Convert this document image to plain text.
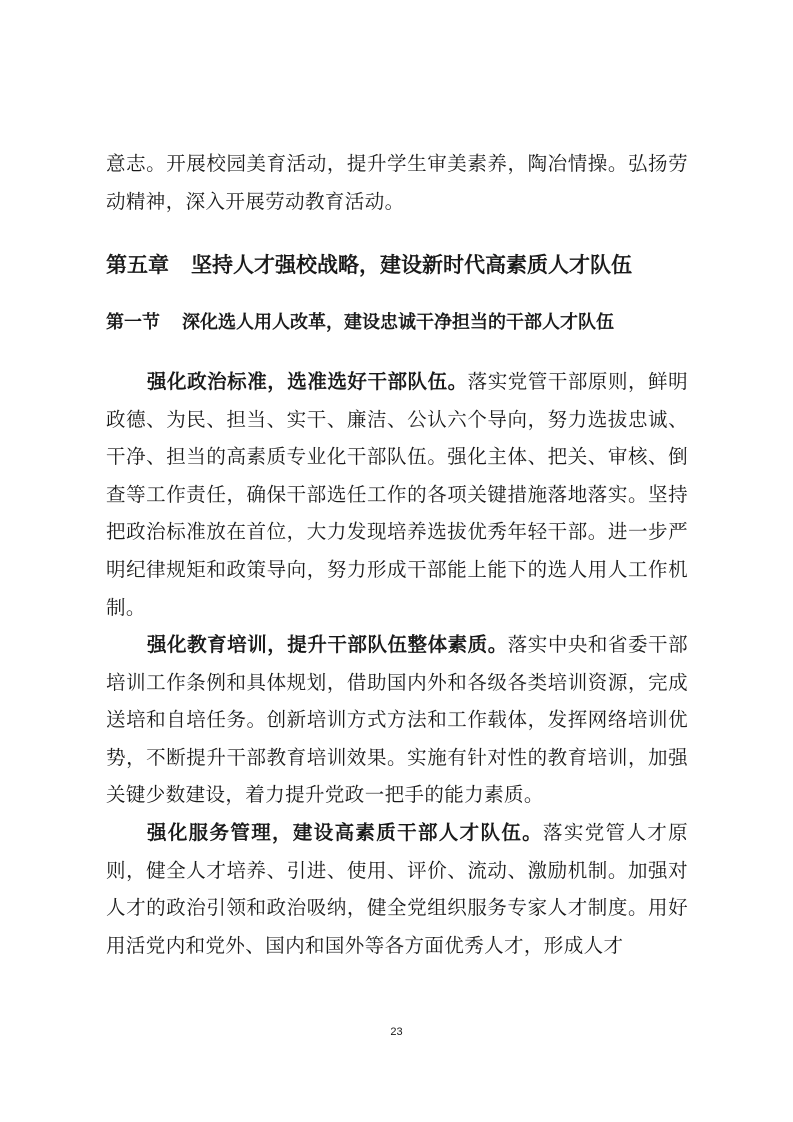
意志。开展校园美育活动，提升学生审美素养，陶冶情操。弘扬劳动精神，深入开展劳动教育活动。

第五章 坚持人才强校战略，建设新时代高素质人才队伍
第一节 深化选人用人改革，建设忠诚干净担当的干部人才队伍

强化政治标准，选准选好干部队伍。落实党管干部原则，鲜明政德、为民、担当、实干、廉洁、公认六个导向，努力选拔忠诚、干净、担当的高素质专业化干部队伍。强化主体、把关、审核、倒查等工作责任，确保干部选任工作的各项关键措施落地落实。坚持把政治标准放在首位，大力发现培养选拔优秀年轻干部。进一步严明纪律规矩和政策导向，努力形成干部能上能下的选人用人工作机制。

强化教育培训，提升干部队伍整体素质。落实中央和省委干部培训工作条例和具体规划，借助国内外和各级各类培训资源，完成送培和自培任务。创新培训方式方法和工作载体，发挥网络培训优势，不断提升干部教育培训效果。实施有针对性的教育培训，加强关键少数建设，着力提升党政一把手的能力素质。

强化服务管理，建设高素质干部人才队伍。落实党管人才原则，健全人才培养、引进、使用、评价、流动、激励机制。加强对人才的政治引领和政治吸纳，健全党组织服务专家人才制度。用好用活党内和党外、国内和国外等各方面优秀人才，形成人才

23
